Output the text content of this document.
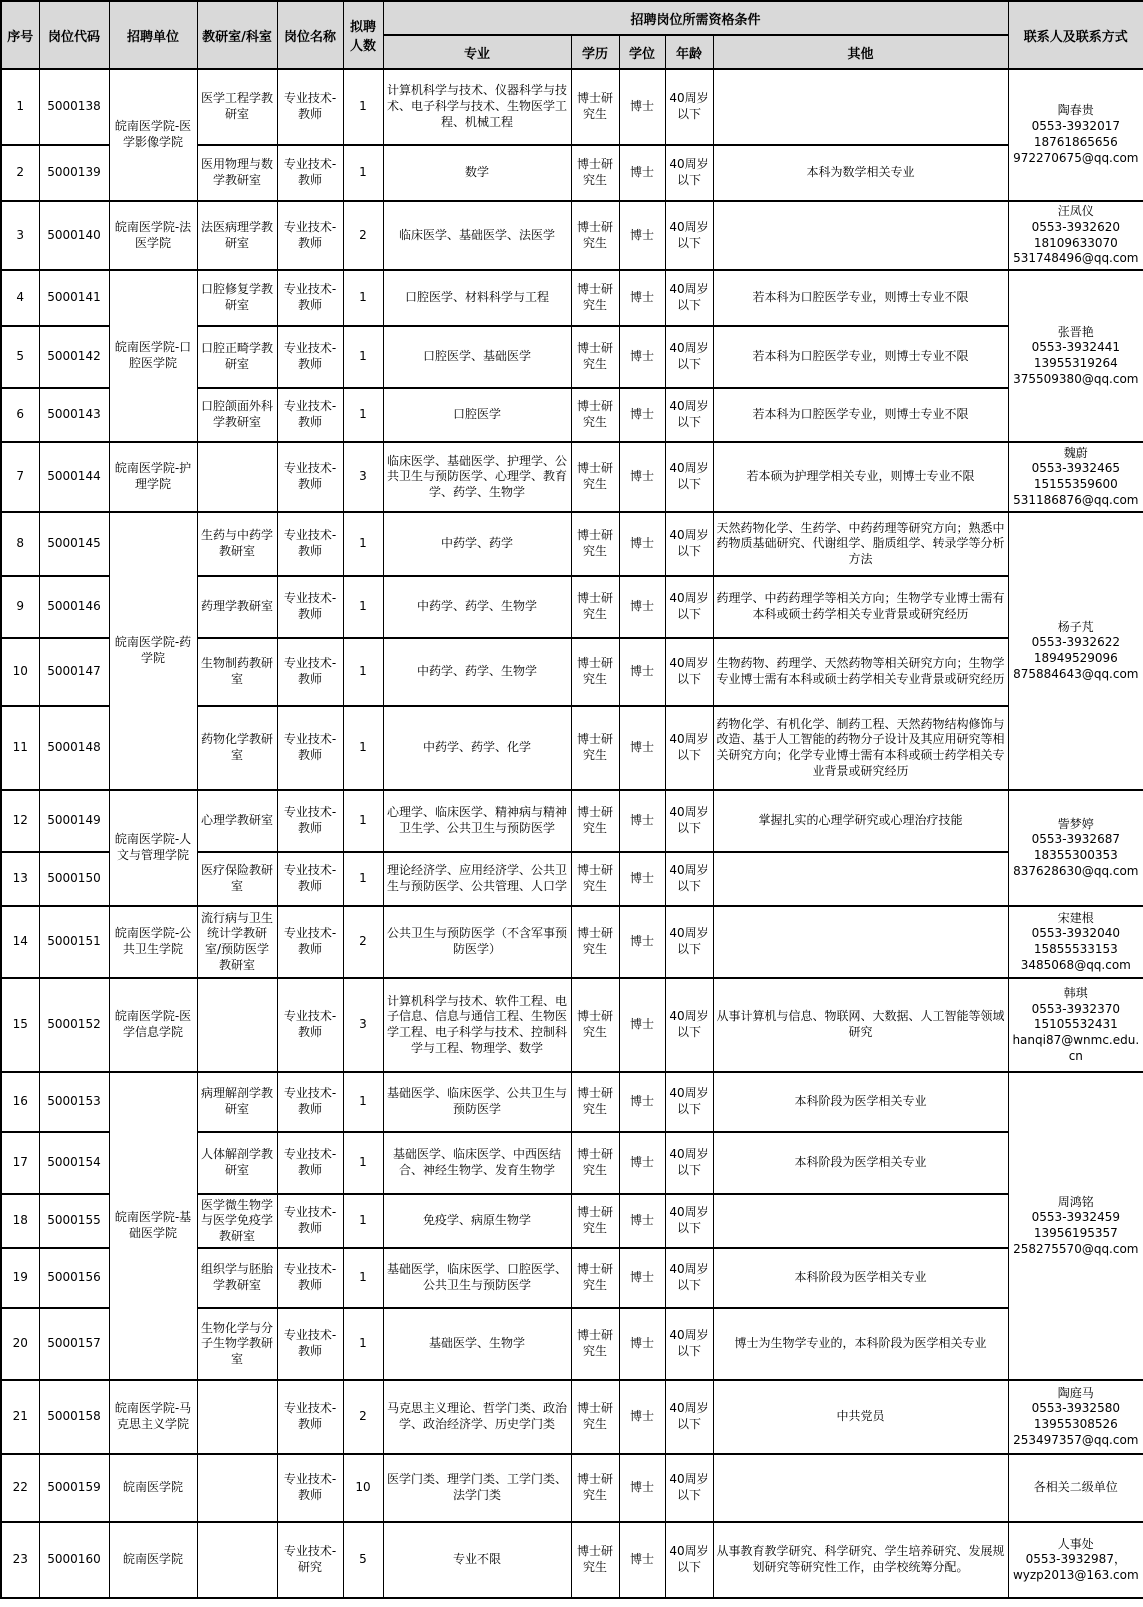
序号	岗位代码	招聘单位	教研室/科室	岗位名称	拟聘人数	招聘岗位所需资格条件					联系人及联系方式
						专业	学历	学位	年龄	其他	
1	5000138	皖南医学院-医学影像学院	医学工程学教研室	专业技术-教师	1	计算机科学与技术、仪器科学与技术、电子科学与技术、生物医学工程、机械工程	博士研究生	博士	40周岁以下		陶春贵
0553-3932017
18761865656
972270675@qq.com

2	5000139		医用物理与数学教研室	专业技术-教师	1	数学	博士研究生	博士	40周岁以下	本科为数学相关专业	
3	5000140	皖南医学院-法医学院	法医病理学教研室	专业技术-教师	2	临床医学、基础医学、法医学	博士研究生	博士	40周岁以下		汪凤仪
0553-3932620
18109633070
531748496@qq.com

4	5000141	皖南医学院-口腔医学院	口腔修复学教研室	专业技术-教师	1	口腔医学、材料科学与工程	博士研究生	博士	40周岁以下	若本科为口腔医学专业，则博士专业不限	张晋艳
0553-3932441
13955319264
375509380@qq.com

5	5000142		口腔正畸学教研室	专业技术-教师	1	口腔医学、基础医学	博士研究生	博士	40周岁以下	若本科为口腔医学专业，则博士专业不限	
6	5000143		口腔颌面外科学教研室	专业技术-教师	1	口腔医学	博士研究生	博士	40周岁以下	若本科为口腔医学专业，则博士专业不限	
7	5000144	皖南医学院-护理学院		专业技术-教师	3	临床医学、基础医学、护理学、公共卫生与预防医学、心理学、教育学、药学、生物学	博士研究生	博士	40周岁以下	若本硕为护理学相关专业，则博士专业不限	魏蔚
0553-3932465
15155359600
531186876@qq.com

8	5000145	皖南医学院-药学院	生药与中药学教研室	专业技术-教师	1	中药学、药学	博士研究生	博士	40周岁以下	天然药物化学、生药学、中药药理等研究方向；熟悉中药物质基础研究、代谢组学、脂质组学、转录学等分析方法	杨子芃
0553-3932622
18949529096
875884643@qq.com

9	5000146		药理学教研室	专业技术-教师	1	中药学、药学、生物学	博士研究生	博士	40周岁以下	药理学、中药药理学等相关方向；生物学专业博士需有本科或硕士药学相关专业背景或研究经历	
10	5000147		生物制药教研室	专业技术-教师	1	中药学、药学、生物学	博士研究生	博士	40周岁以下	生物药物、药理学、天然药物等相关研究方向；生物学专业博士需有本科或硕士药学相关专业背景或研究经历	
11	5000148		药物化学教研室	专业技术-教师	1	中药学、药学、化学	博士研究生	博士	40周岁以下	药物化学、有机化学、制药工程、天然药物结构修饰与改造、基于人工智能的药物分子设计及其应用研究等相关研究方向；化学专业博士需有本科或硕士药学相关专业背景或研究经历	
12	5000149	皖南医学院-人文与管理学院	心理学教研室	专业技术-教师	1	心理学、临床医学、精神病与精神卫生学、公共卫生与预防医学	博士研究生	博士	40周岁以下	掌握扎实的心理学研究或心理治疗技能	訾梦婷
0553-3932687
18355300353
837628630@qq.com

13	5000150		医疗保险教研室	专业技术-教师	1	理论经济学、应用经济学、公共卫生与预防医学、公共管理、人口学	博士研究生	博士	40周岁以下		
14	5000151	皖南医学院-公共卫生学院	流行病与卫生统计学教研室/预防医学教研室	专业技术-教师	2	公共卫生与预防医学（不含军事预防医学）	博士研究生	博士	40周岁以下		宋建根
0553-3932040
15855533153
3485068@qq.com

15	5000152	皖南医学院-医学信息学院		专业技术-教师	3	计算机科学与技术、软件工程、电子信息、信息与通信工程、生物医学工程、电子科学与技术、控制科学与工程、物理学、数学	博士研究生	博士	40周岁以下	从事计算机与信息、物联网、大数据、人工智能等领域研究	韩琪
0553-3932370
15105532431
hanqi87@wnmc.edu.cn

16	5000153	皖南医学院-基础医学院	病理解剖学教研室	专业技术-教师	1	基础医学、临床医学、公共卫生与预防医学	博士研究生	博士	40周岁以下	本科阶段为医学相关专业	周鸿铭
0553-3932459
13956195357
258275570@qq.com

17	5000154		人体解剖学教研室	专业技术-教师	1	基础医学、临床医学、中西医结合、神经生物学、发育生物学	博士研究生	博士	40周岁以下	本科阶段为医学相关专业	
18	5000155		医学微生物学与医学免疫学教研室	专业技术-教师	1	免疫学、病原生物学	博士研究生	博士	40周岁以下		
19	5000156		组织学与胚胎学教研室	专业技术-教师	1	基础医学，临床医学、口腔医学、公共卫生与预防医学	博士研究生	博士	40周岁以下	本科阶段为医学相关专业	
20	5000157		生物化学与分子生物学教研室	专业技术-教师	1	基础医学、生物学	博士研究生	博士	40周岁以下	博士为生物学专业的，本科阶段为医学相关专业	
21	5000158	皖南医学院-马克思主义学院		专业技术-教师	2	马克思主义理论、哲学门类、政治学、政治经济学、历史学门类	博士研究生	博士	40周岁以下	中共党员	陶庭马
0553-3932580
13955308526
253497357@qq.com

22	5000159	皖南医学院		专业技术-教师	10	医学门类、理学门类、工学门类、法学门类	博士研究生	博士	40周岁以下		各相关二级单位

23	5000160	皖南医学院		专业技术-研究	5	专业不限	博士研究生	博士	40周岁以下	从事教育教学研究、科学研究、学生培养研究、发展规划研究等研究性工作，由学校统筹分配。	人事处
0553-3932987，
wyzp2013@163.com
